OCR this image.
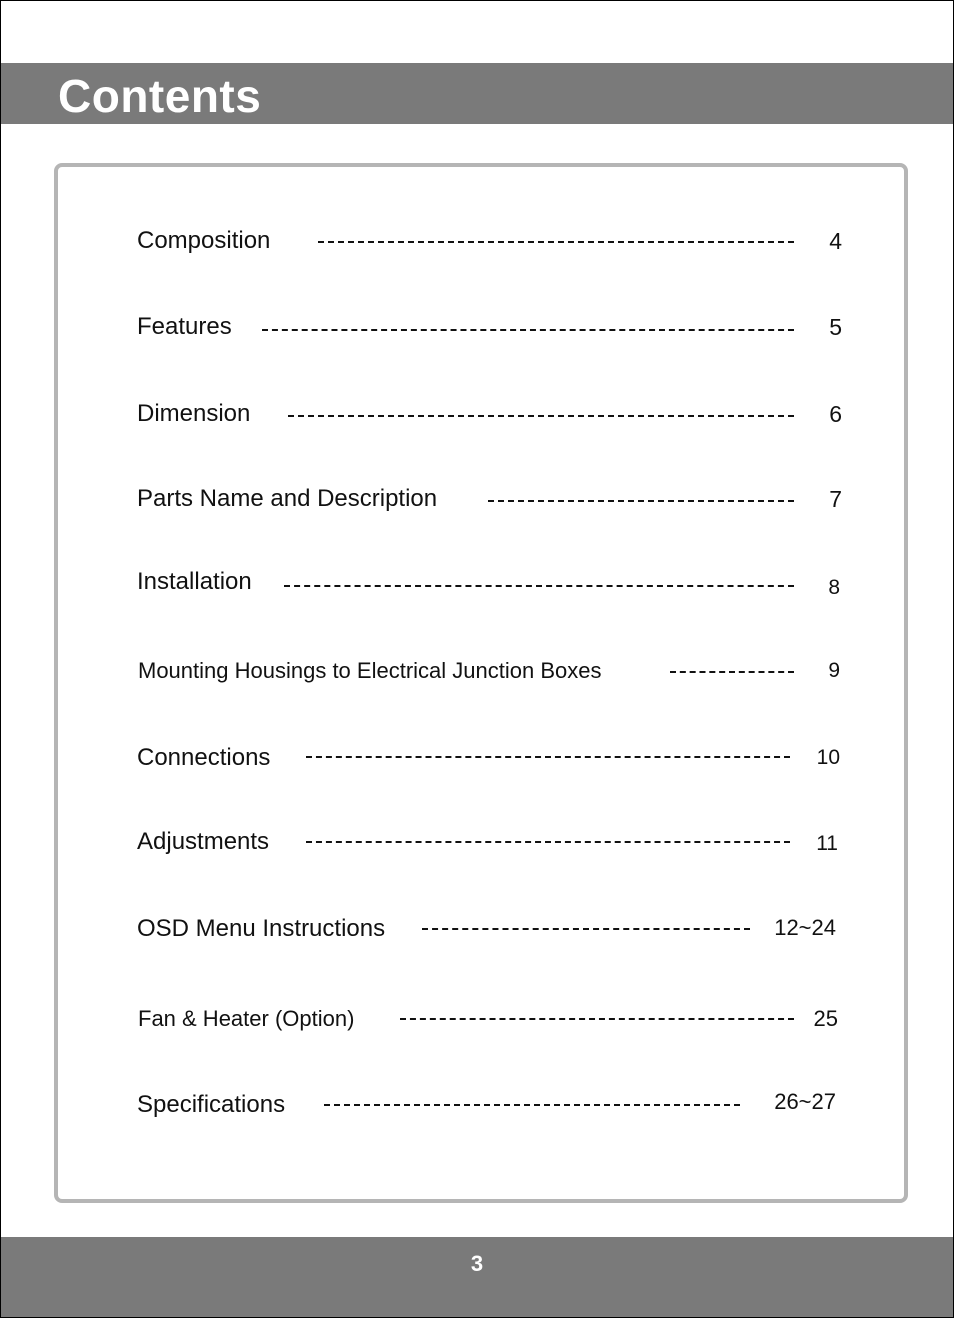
Contents
Composition	4
Features	5
Dimension	6
Parts Name and Description	7
Installation	8
Mounting Housings to Electrical Junction Boxes	9
Connections	10
Adjustments	11
OSD Menu Instructions	12~24
Fan & Heater (Option)	25
Specifications	26~27
3
